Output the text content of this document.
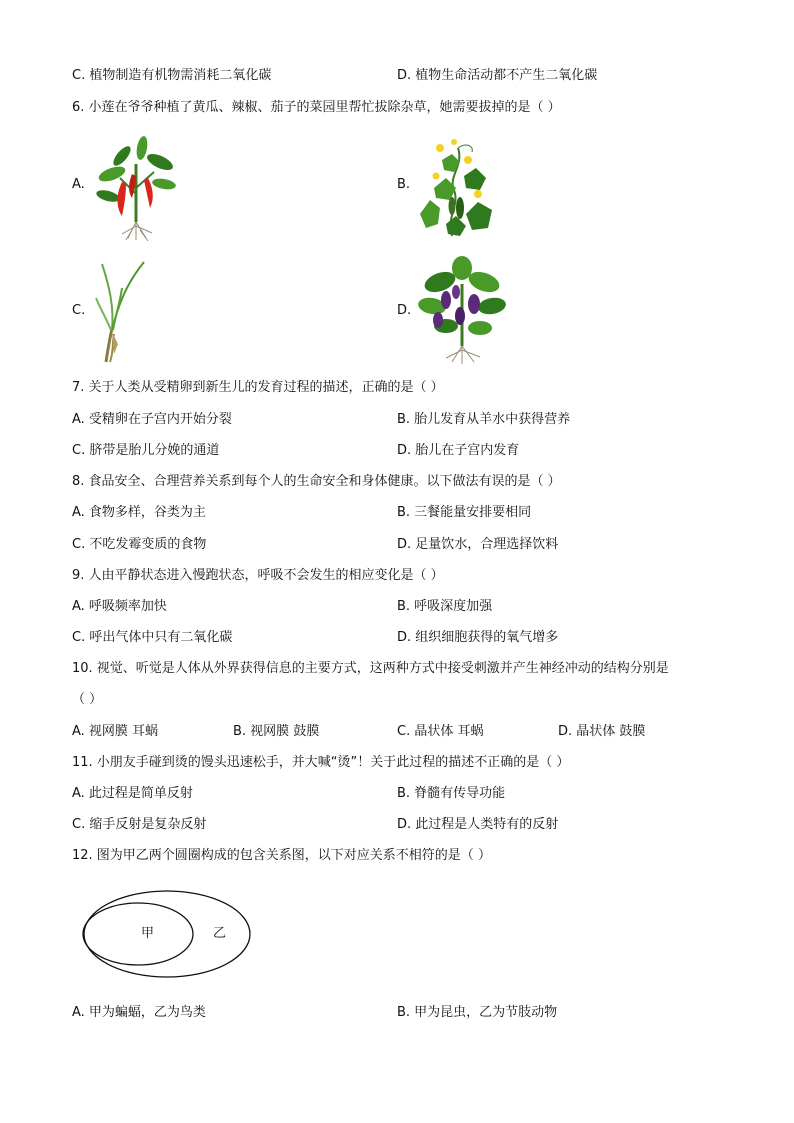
C. 植物制造有机物需消耗二氧化碳	D. 植物生命活动都不产生二氧化碳
6. 小莲在爷爷种植了黄瓜、辣椒、茄子的菜园里帮忙拔除杂草，她需要拔掉的是（ ）
A.	B.
C.	D.
7. 关于人类从受精卵到新生儿的发育过程的描述，正确的是（ ）
A. 受精卵在子宫内开始分裂	B. 胎儿发育从羊水中获得营养
C. 脐带是胎儿分娩的通道	D. 胎儿在子宫内发育
8. 食品安全、合理营养关系到每个人的生命安全和身体健康。以下做法有误的是（ ）
A. 食物多样，谷类为主	B. 三餐能量安排要相同
C. 不吃发霉变质的食物	D. 足量饮水，合理选择饮料
9. 人由平静状态进入慢跑状态，呼吸不会发生的相应变化是（ ）
A. 呼吸频率加快	B. 呼吸深度加强
C. 呼出气体中只有二氧化碳	D. 组织细胞获得的氧气增多
10. 视觉、听觉是人体从外界获得信息的主要方式，这两种方式中接受刺激并产生神经冲动的结构分别是
（ ）
A. 视网膜 耳蜗	B. 视网膜 鼓膜	C. 晶状体 耳蜗	D. 晶状体 鼓膜
11. 小朋友手碰到烫的馒头迅速松手，并大喊“烫”！关于此过程的描述不正确的是（ ）
A. 此过程是简单反射	B. 脊髓有传导功能
C. 缩手反射是复杂反射	D. 此过程是人类特有的反射
12. 图为甲乙两个圆圈构成的包含关系图，以下对应关系不相符的是（ ）
甲	乙
A. 甲为蝙蝠，乙为鸟类	B. 甲为昆虫，乙为节肢动物
